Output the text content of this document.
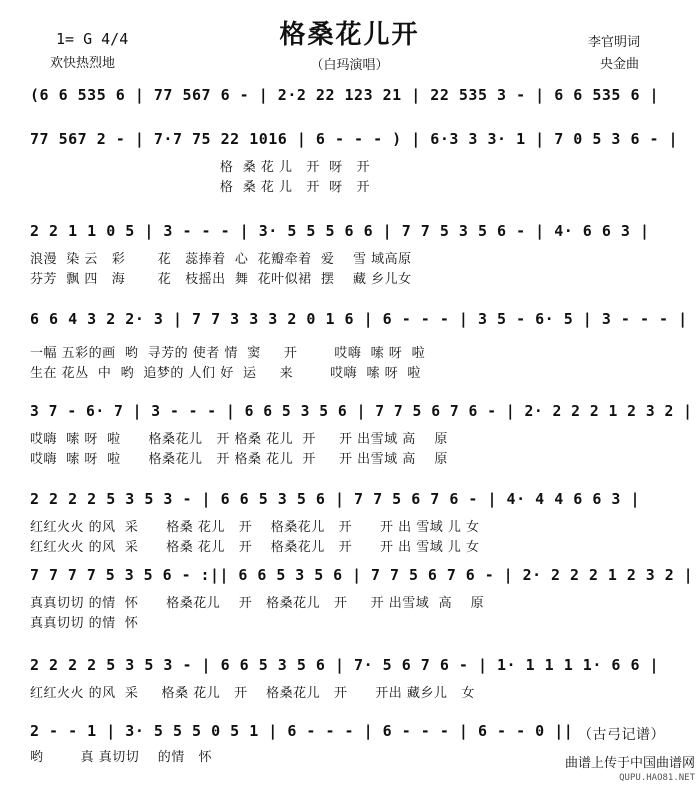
格桑花儿开
1= G 4/4
欢快热烈地	（白玛演唱）
李官明词
央金曲
(6 6 535 6 | 77 567 6 - | 2·2 22 123 21 | 22 535 3 - | 6 6 535 6 |
77 567 2 - | 7·7 75 22 1016 | 6 - - - ) | 6·3 3 3· 1 | 7 0 5 3 6 - |
格  桑 花 儿   开  呀   开
格  桑 花 儿   开  呀   开
2 2 1 1 0 5 | 3 - - - | 3· 5 5 5 6 6 | 7 7 5 3 5 6 - | 4· 6 6 3 |
浪漫  染 云   彩       花   蕊捧着  心  花瓣牵着  爱    雪 域高原
芬芳  飘 四   海       花   枝摇出  舞  花叶似裙  摆    藏 乡儿女
6 6 4 3 2 2· 3 | 7 7 3 3 3 2 0 1 6 | 6 - - - | 3 5 - 6· 5 | 3 - - - |
一幅 五彩的画  哟  寻芳的 使者 情  窦     开        哎嗨  嗦 呀  啦
生在 花丛  中  哟  追梦的 人们 好  运     来        哎嗨  嗦 呀  啦
3 7 - 6· 7 | 3 - - - | 6 6 5 3 5 6 | 7 7 5 6 7 6 - | 2· 2 2 2 1 2 3 2 |
哎嗨  嗦 呀  啦      格桑花儿   开 格桑 花儿  开     开 出雪域 高    原
哎嗨  嗦 呀  啦      格桑花儿   开 格桑 花儿  开     开 出雪域 高    原
2 2 2 2 5 3 5 3 - | 6 6 5 3 5 6 | 7 7 5 6 7 6 - | 4· 4 4 6 6 3 |
红红火火 的风  采      格桑 花儿   开    格桑花儿   开      开 出 雪域 儿 女
红红火火 的风  采      格桑 花儿   开    格桑花儿   开      开 出 雪域 儿 女
7 7 7 7 5 3 5 6 - :|| 6 6 5 3 5 6 | 7 7 5 6 7 6 - | 2· 2 2 2 1 2 3 2 |
真真切切 的情  怀      格桑花儿    开   格桑花儿   开     开 出雪域  高    原
真真切切 的情  怀
2 2 2 2 5 3 5 3 - | 6 6 5 3 5 6 | 7· 5 6 7 6 - | 1· 1 1 1 1· 6 6 |
红红火火 的风  采     格桑 花儿   开    格桑花儿   开      开出 藏乡儿   女
2 - - 1 | 3· 5 5 5 0 5 1 | 6 - - - | 6 - - - | 6 - - 0 ||
哟        真 真切切    的情   怀
（古弓记谱）
曲谱上传于中国曲谱网
QUPU.HAO81.NET
